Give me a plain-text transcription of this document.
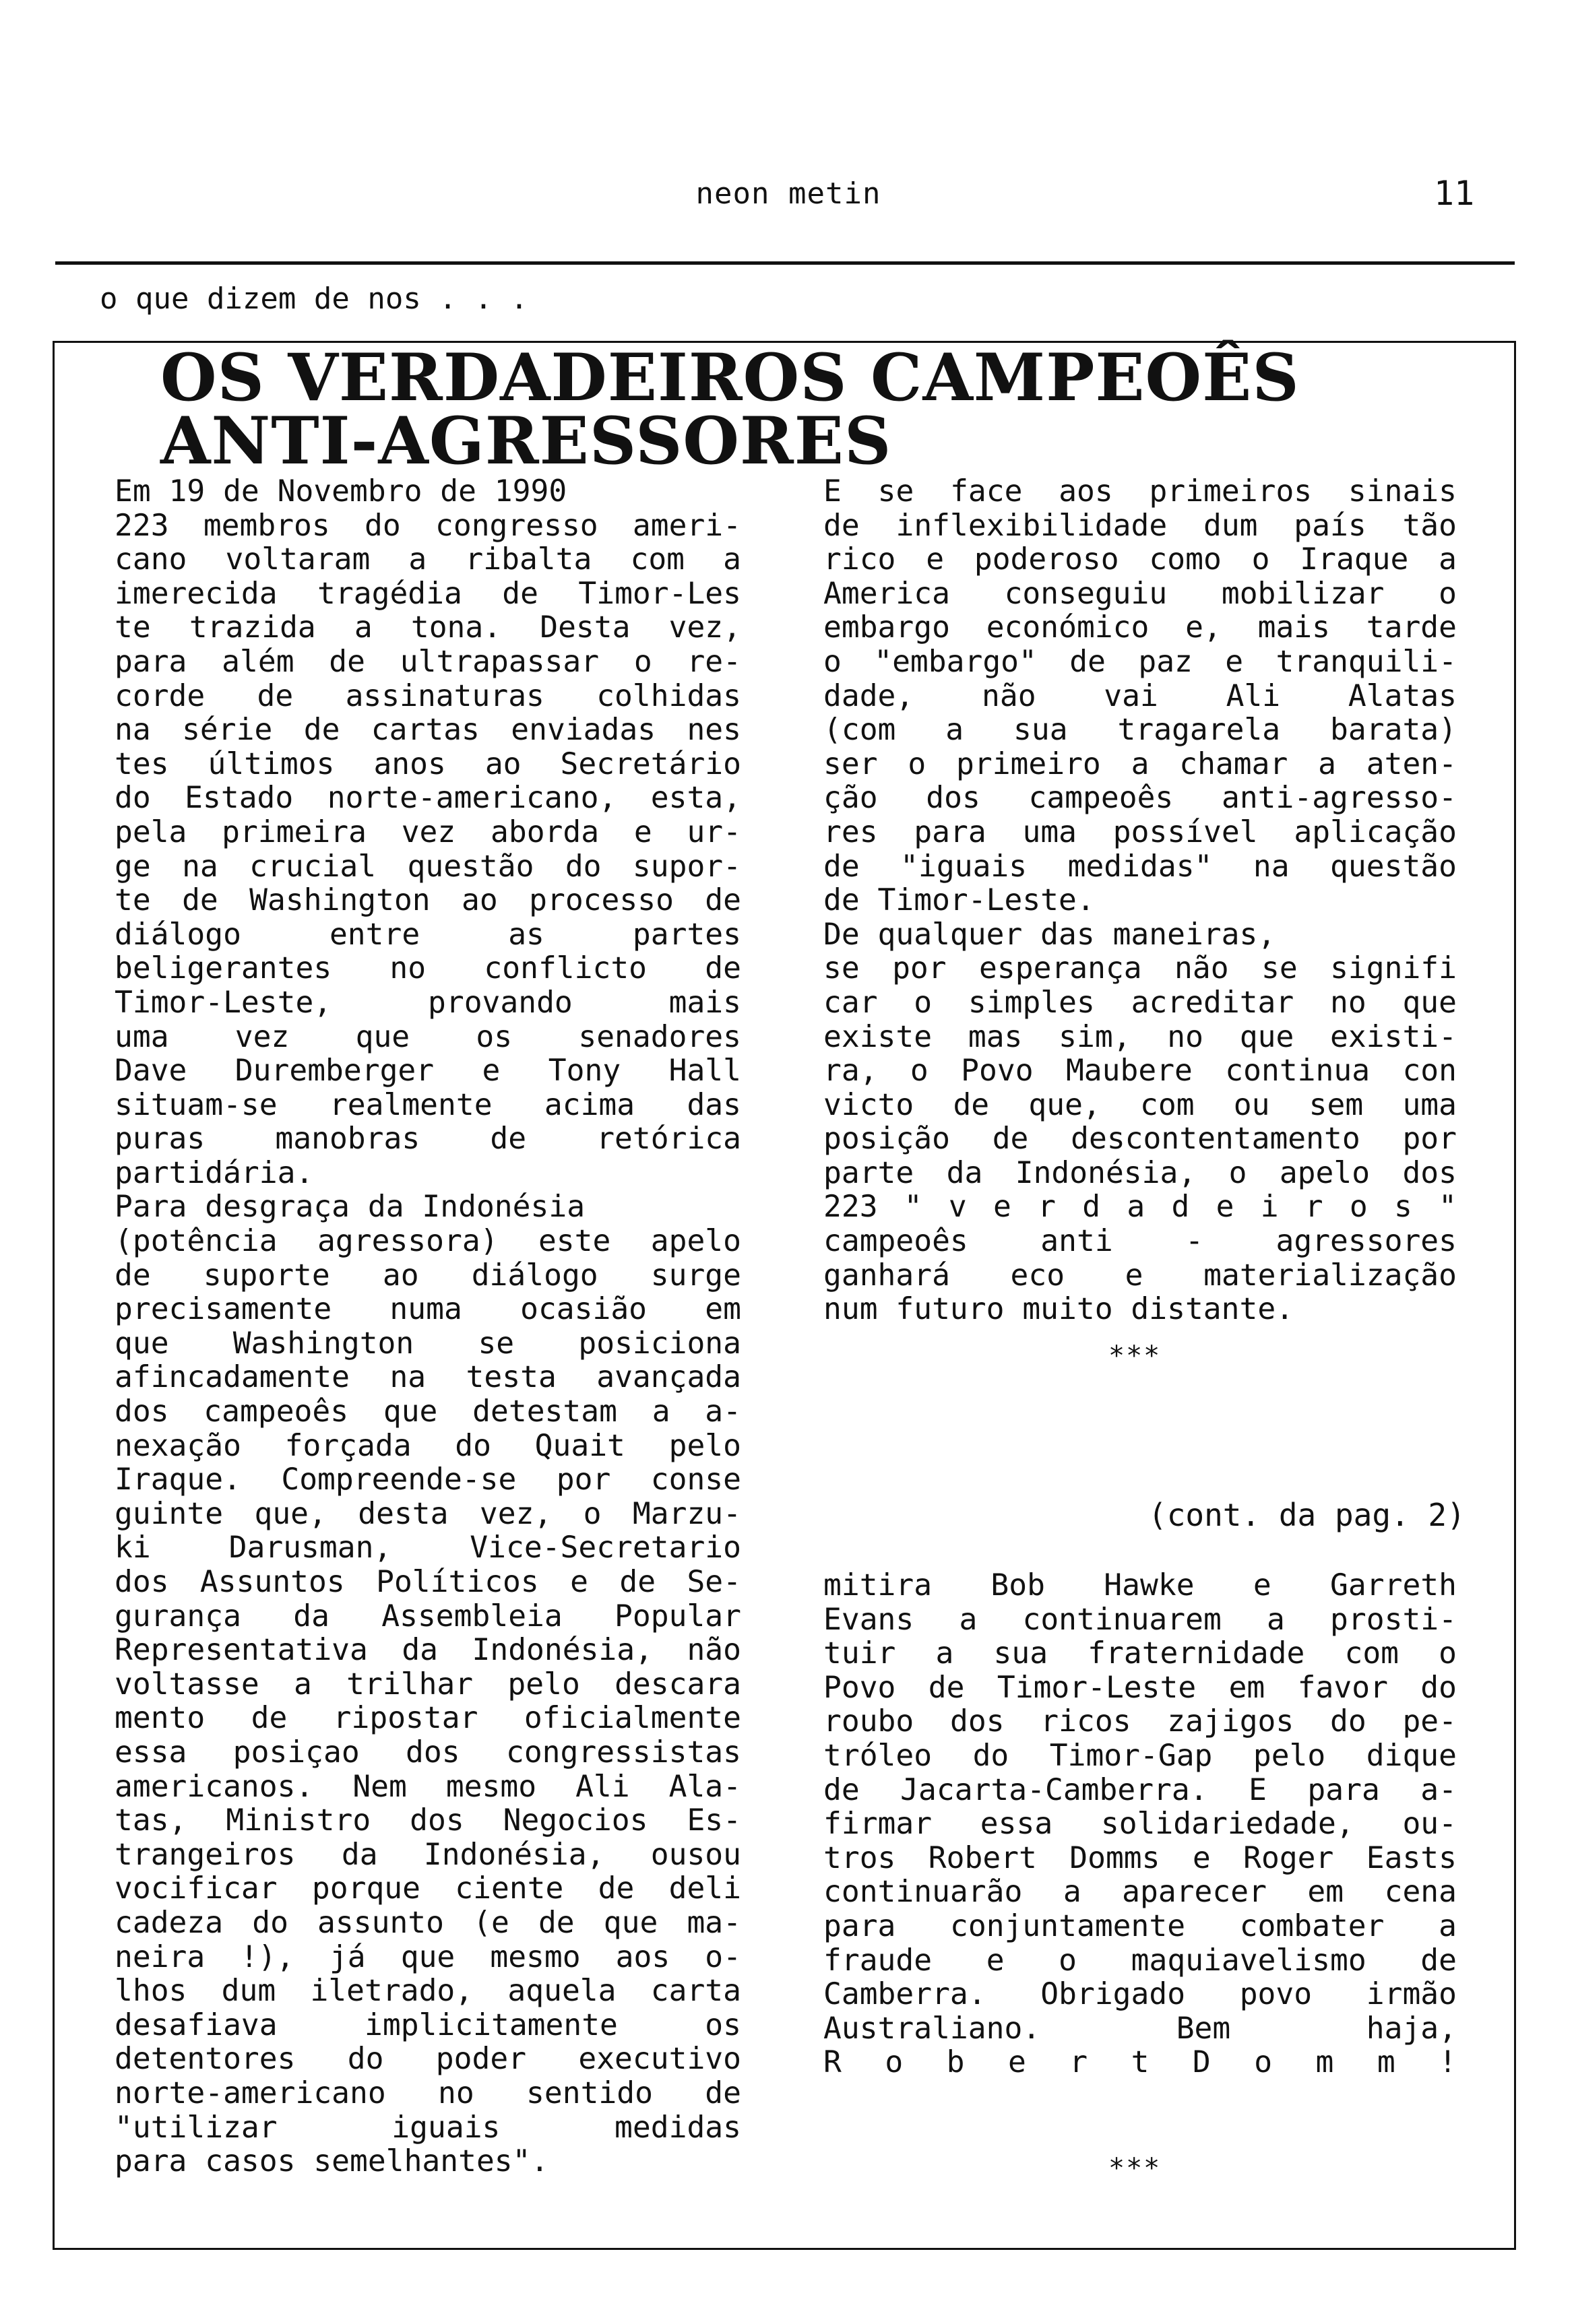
neon metin	11
o que dizem de nos . . .
OS VERDADEIROS CAMPEOÊS
ANTI-AGRESSORES
Em 19 de Novembro de 1990
223 membros do congresso ameri-
cano voltaram a ribalta com a
imerecida tragédia de Timor-Les
te trazida a tona. Desta vez,
para além de ultrapassar o re-
corde de assinaturas colhidas
na série de cartas enviadas nes
tes últimos anos ao Secretário
do Estado norte-americano, esta,
pela primeira vez aborda e ur-
ge na crucial questão do supor-
te de Washington ao processo de
diálogo entre as partes
beligerantes no conflicto de
Timor-Leste, provando mais
uma vez que os senadores
Dave Duremberger e Tony Hall
situam-se realmente acima das
puras manobras de retórica
partidária.
Para desgraça da Indonésia
(potência agressora) este apelo
de suporte ao diálogo surge
precisamente numa ocasião em
que Washington se posiciona
afincadamente na testa avançada
dos campeoês que detestam a a-
nexação forçada do Quait pelo
Iraque. Compreende-se por conse
guinte que, desta vez, o Marzu-
ki Darusman, Vice-Secretario
dos Assuntos Políticos e de Se-
gurança da Assembleia Popular
Representativa da Indonésia, não
voltasse a trilhar pelo descara
mento de ripostar oficialmente
essa posiçao dos congressistas
americanos. Nem mesmo Ali Ala-
tas, Ministro dos Negocios Es-
trangeiros da Indonésia, ousou
vocificar porque ciente de deli
cadeza do assunto (e de que ma-
neira !), já que mesmo aos o-
lhos dum iletrado, aquela carta
desafiava implicitamente os
detentores do poder executivo
norte-americano no sentido de
"utilizar iguais medidas
para casos semelhantes".
E se face aos primeiros sinais
de inflexibilidade dum país tão
rico e poderoso como o Iraque a
America conseguiu mobilizar o
embargo económico e, mais tarde
o "embargo" de paz e tranquili-
dade, não vai Ali Alatas
(com a sua tragarela barata)
ser o primeiro a chamar a aten-
ção dos campeoês anti-agresso-
res para uma possível aplicação
de "iguais medidas" na questão
de Timor-Leste.
De qualquer das maneiras,
se por esperança não se signifi
car o simples acreditar no que
existe mas sim, no que existi-
ra, o Povo Maubere continua con
victo de que, com ou sem uma
posição de descontentamento por
parte da Indonésia, o apelo dos
223 " v e r d a d e i r o s "
campeoês anti - agressores
ganhará eco e materialização
num futuro muito distante.
***
(cont. da pag. 2)
mitira Bob Hawke e Garreth
Evans a continuarem a prosti-
tuir a sua fraternidade com o
Povo de Timor-Leste em favor do
roubo dos ricos zajigos do pe-
tróleo do Timor-Gap pelo dique
de Jacarta-Camberra. E para a-
firmar essa solidariedade, ou-
tros Robert Domms e Roger Easts
continuarão a aparecer em cena
para conjuntamente combater a
fraude e o maquiavelismo de
Camberra. Obrigado povo irmão
Australiano. Bem haja,
R o b e r t D o m m !
***
